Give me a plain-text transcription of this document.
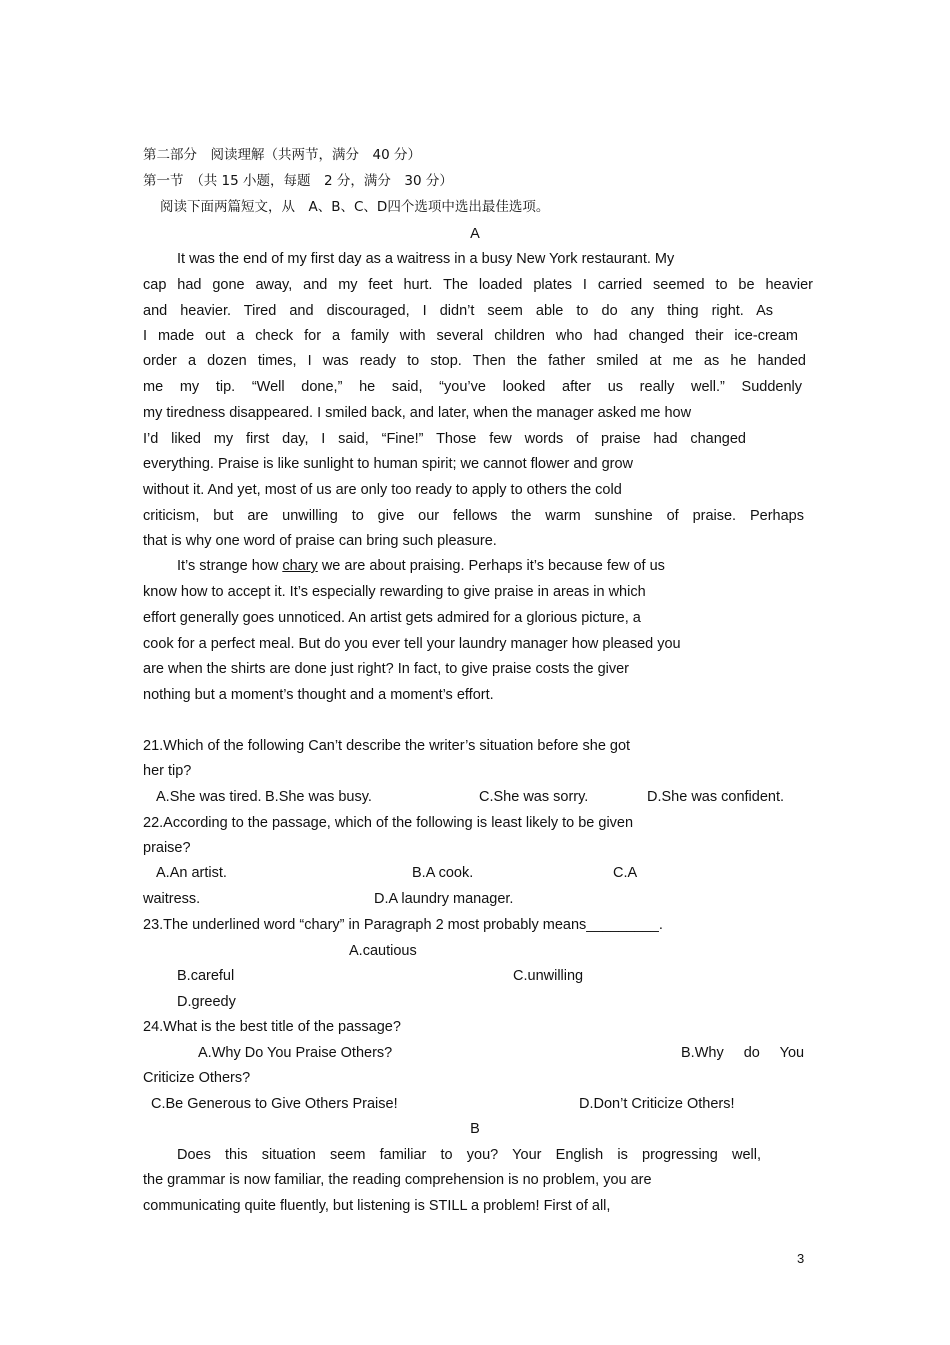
第二部分　阅读理解（共两节，满分　40 分）
第一节　（共 15 小题，每题　2 分，满分　30 分）
阅读下面两篇短文，从　A、B、C、D四个选项中选出最佳选项。
A
It was the end of my first day as a waitress in a busy New York restaurant. My
cap had gone away, and my feet hurt. The loaded plates I carried seemed to be heavier
and heavier. Tired and discouraged, I didn’t seem able to do any thing right. As
I made out a check for a family with several children who had changed their ice-cream
order a dozen times, I was ready to stop. Then the father smiled at me as he handed
me my tip. “Well done,” he said, “you’ve looked after us really well.” Suddenly
my tiredness disappeared. I smiled back, and later, when the manager asked me how
I’d liked my first day, I said, “Fine!” Those few words of praise had changed
everything. Praise is like sunlight to human spirit; we cannot flower and grow
without it. And yet, most of us are only too ready to apply to others the cold
criticism, but are unwilling to give our fellows the warm sunshine of praise. Perhaps
that is why one word of praise can bring such pleasure.
It’s strange how chary we are about praising. Perhaps it’s because few of us
know how to accept it. It’s especially rewarding to give praise in areas in which
effort generally goes unnoticed. An artist gets admired for a glorious picture, a
cook for a perfect meal. But do you ever tell your laundry manager how pleased you
are when the shirts are done just right? In fact, to give praise costs the giver
nothing but a moment’s thought and a moment’s effort.
21.Which of the following Can’t describe the writer’s situation before she got
her tip?
A.She was tired. B.She was busy.	C.She was sorry.	D.She was confident.
22.According to the passage, which of the following is least likely to be given
praise?
A.An artist.	B.A cook.	C.A
waitress.	D.A laundry manager.
23.The underlined word “chary” in Paragraph 2 most probably means_________.
A.cautious
B.careful	C.unwilling
D.greedy
24.What is the best title of the passage?
A.Why Do You Praise Others?	B.Why do You
Criticize Others?
C.Be Generous to Give Others Praise!	D.Don’t Criticize Others!
B
Does this situation seem familiar to you? Your English is progressing well,
the grammar is now familiar, the reading comprehension is no problem, you are
communicating quite fluently, but listening is STILL a problem! First of all,
3
